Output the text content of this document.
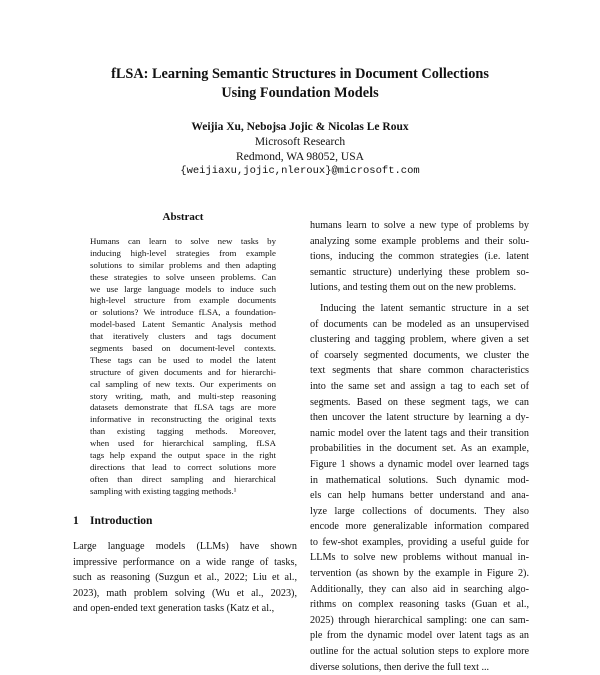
fLSA: Learning Semantic Structures in Document Collections
Using Foundation Models
Weijia Xu, Nebojsa Jojic & Nicolas Le Roux
Microsoft Research
Redmond, WA 98052, USA
{weijiaxu,jojic,nleroux}@microsoft.com
Abstract
Humans can learn to solve new tasks by
inducing high-level strategies from example
solutions to similar problems and then adapting
these strategies to solve unseen problems. Can
we use large language models to induce such
high-level structure from example documents
or solutions? We introduce fLSA, a foundation-
model-based Latent Semantic Analysis method
that iteratively clusters and tags document
segments based on document-level contexts.
These tags can be used to model the latent
structure of given documents and for hierarchi-
cal sampling of new texts. Our experiments on
story writing, math, and multi-step reasoning
datasets demonstrate that fLSA tags are more
informative in reconstructing the original texts
than existing tagging methods. Moreover,
when used for hierarchical sampling, fLSA
tags help expand the output space in the right
directions that lead to correct solutions more
often than direct sampling and hierarchical
sampling with existing tagging methods.¹
1 Introduction
Large language models (LLMs) have shown
impressive performance on a wide range of tasks,
such as reasoning (Suzgun et al., 2022; Liu et al.,
2023), math problem solving (Wu et al., 2023),
and open-ended text generation tasks (Katz et al.,
humans learn to solve a new type of problems by
analyzing some example problems and their solu-
tions, inducing the common strategies (i.e. latent
semantic structure) underlying these problem so-
lutions, and testing them out on the new problems.
Inducing the latent semantic structure in a set
of documents can be modeled as an unsupervised
clustering and tagging problem, where given a set
of coarsely segmented documents, we cluster the
text segments that share common characteristics
into the same set and assign a tag to each set of
segments. Based on these segment tags, we can
then uncover the latent structure by learning a dy-
namic model over the latent tags and their transition
probabilities in the document set. As an example,
Figure 1 shows a dynamic model over learned tags
in mathematical solutions. Such dynamic mod-
els can help humans better understand and ana-
lyze large collections of documents. They also
encode more generalizable information compared
to few-shot examples, providing a useful guide for
LLMs to solve new problems without manual in-
tervention (as shown by the example in Figure 2).
Additionally, they can also aid in searching algo-
rithms on complex reasoning tasks (Guan et al.,
2025) through hierarchical sampling: one can sam-
ple from the dynamic model over latent tags as an
outline for the actual solution steps to explore more
diverse solutions, then derive the full text ...
